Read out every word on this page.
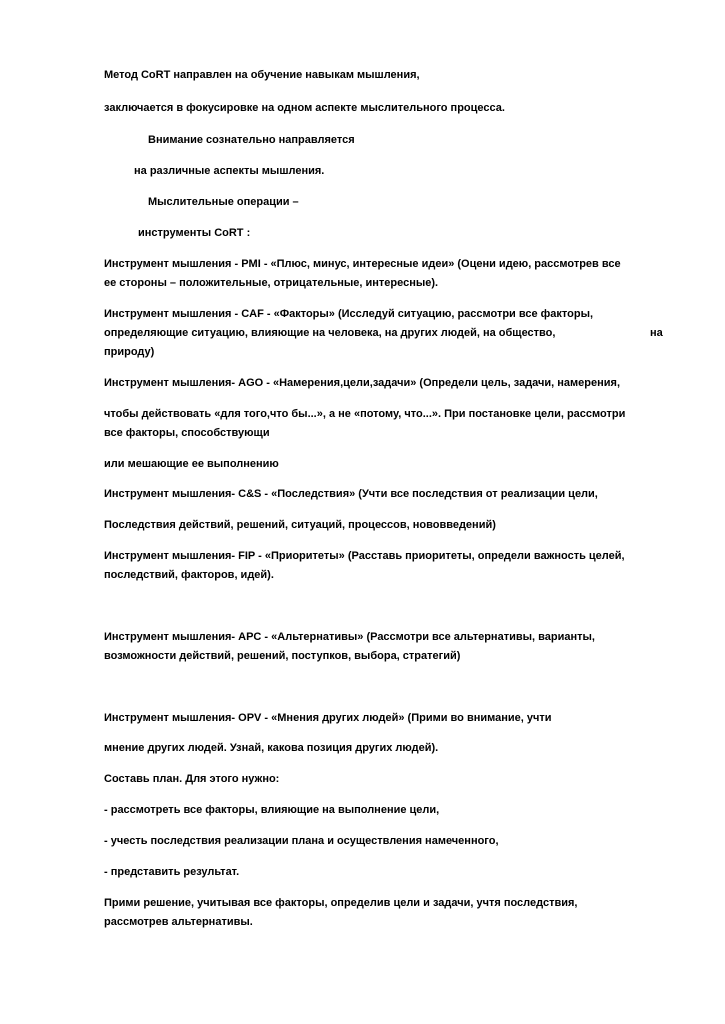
Метод CoRT направлен на обучение навыкам мышления,

заключается в фокусировке на одном аспекте мыслительного процесса.

Внимание сознательно направляется

на различные аспекты мышления.

Мыслительные операции –

инструменты CoRT :

Инструмент мышления - PMI - «Плюс, минус, интересные идеи» (Оцени идею, рассмотрев все

ее стороны – положительные, отрицательные, интересные).

Инструмент мышления - CAF - «Факторы» (Исследуй ситуацию, рассмотри все факторы,

определяющие ситуацию, влияющие на человека, на других людей, на общество,	на

природу)

Инструмент мышления- AGO - «Намерения,цели,задачи» (Определи цель, задачи, намерения,

чтобы действовать «для того,что бы...», а не «потому, что...». При постановке цели, рассмотри

все факторы, способствующи

или мешающие ее выполнению

Инструмент мышления- C&S - «Последствия» (Учти все последствия от реализации цели,

Последствия действий, решений, ситуаций, процессов, нововведений)

Инструмент мышления- FIP - «Приоритеты» (Расставь приоритеты, определи важность целей,

последствий, факторов, идей).

Инструмент мышления- APC - «Альтернативы» (Рассмотри все альтернативы, варианты,

возможности действий, решений, поступков, выбора, стратегий)

Инструмент мышления- OPV - «Мнения других людей» (Прими во внимание, учти

мнение других людей. Узнай, какова позиция других людей).

Составь план. Для этого нужно:

- рассмотреть все факторы, влияющие на выполнение цели,

- учесть последствия реализации плана и осуществления намеченного,

- представить результат.

Прими решение, учитывая все факторы, определив цели и задачи, учтя последствия,

рассмотрев альтернативы.
